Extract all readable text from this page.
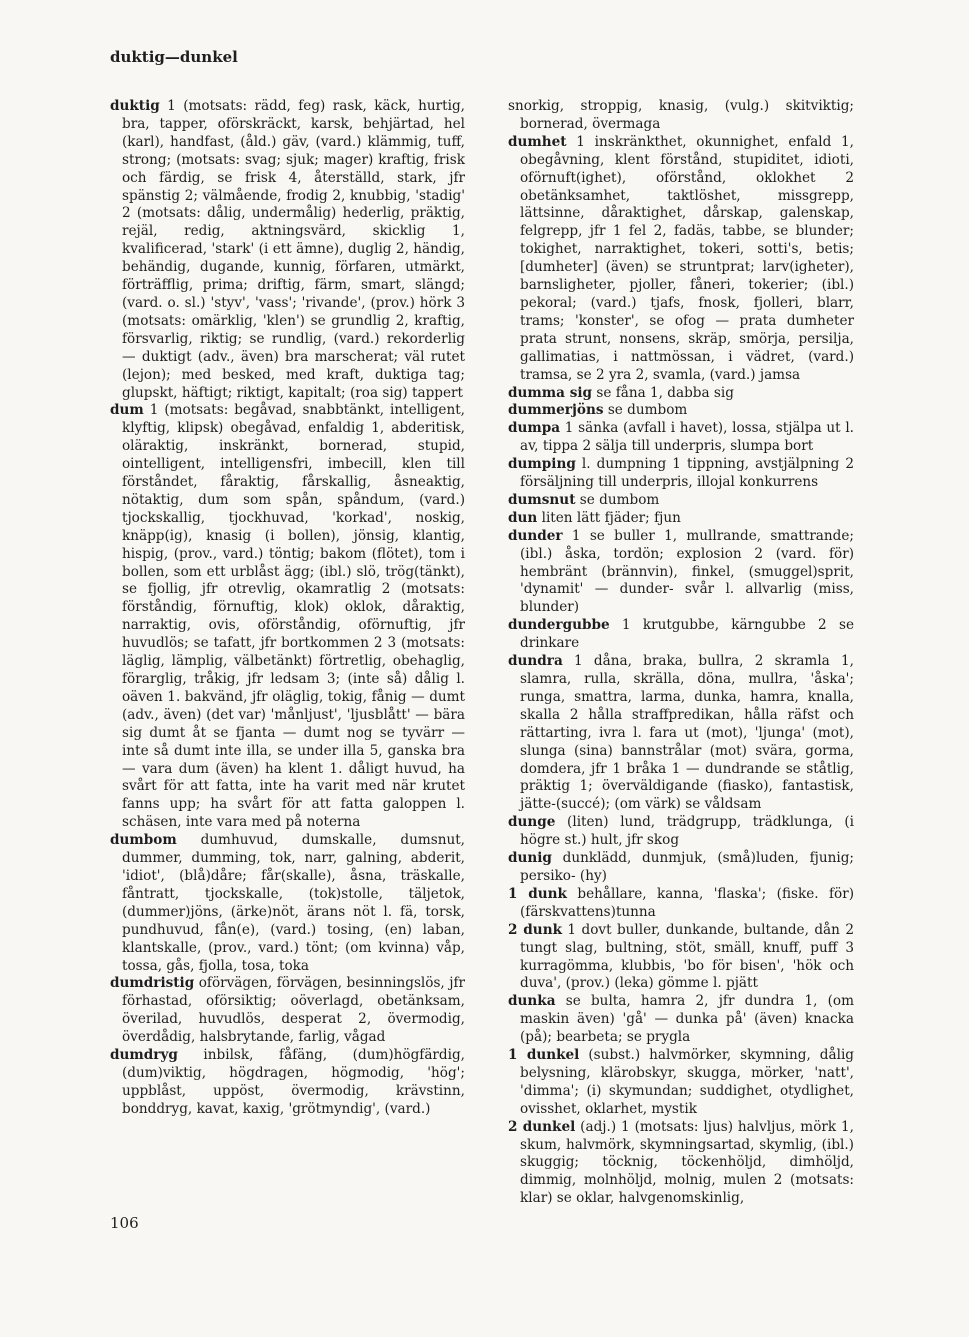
duktig—dunkel

duktig 1 (motsats: rädd, feg) rask, käck, hurtig, bra, tapper, oförskräckt, karsk, behjärtad, hel (karl), handfast, (åld.) gäv, (vard.) klämmig, tuff, strong; (motsats: svag; sjuk; mager) kraftig, frisk och färdig, se frisk 4, återställd, stark, jfr spänstig 2; välmående, frodig 2, knubbig, 'stadig' 2 (motsats: dålig, undermålig) hederlig, präktig, rejäl, redig, aktningsvärd, skicklig 1, kvalificerad, 'stark' (i ett ämne), duglig 2, händig, behändig, dugande, kunnig, förfaren, utmärkt, förträfflig, prima; driftig, färm, smart, slängd; (vard. o. sl.) 'styv', 'vass'; 'rivande', (prov.) hörk 3 (motsats: omärklig, 'klen') se grundlig 2, kraftig, försvarlig, riktig; se rundlig, (vard.) rekorderlig — duktigt (adv., även) bra marscherat; väl rutet (lejon); med besked, med kraft, duktiga tag; glupskt, häftigt; riktigt, kapitalt; (roa sig) tappert

dum 1 (motsats: begåvad, snabbtänkt, intelligent, klyftig, klipsk) obegåvad, enfaldig 1, abderitisk, oläraktig, inskränkt, bornerad, stupid, ointelligent, intelligensfri, imbecill, klen till förståndet, fåraktig, fårskallig, åsneaktig, nötaktig, dum som spån, spåndum, (vard.) tjockskallig, tjockhuvad, 'korkad', noskig, knäpp(ig), knasig (i bollen), jönsig, klantig, hispig, (prov., vard.) töntig; bakom (flötet), tom i bollen, som ett urblåst ägg; (ibl.) slö, trög(tänkt), se fjollig, jfr otrevlig, okamratlig 2 (motsats: förståndig, förnuftig, klok) oklok, dåraktig, narraktig, ovis, oförståndig, oförnuftig, jfr huvudlös; se tafatt, jfr bortkommen 2 3 (motsats: läglig, lämplig, välbetänkt) förtretlig, obehaglig, förarglig, tråkig, jfr ledsam 3; (inte så) dålig l. oäven 1. bakvänd, jfr oläglig, tokig, fånig — dumt (adv., även) (det var) 'månljust', 'ljusblått' — bära sig dumt åt se fjanta — dumt nog se tyvärr — inte så dumt inte illa, se under illa 5, ganska bra — vara dum (även) ha klent 1. dåligt huvud, ha svårt för att fatta, inte ha varit med när krutet fanns upp; ha svårt för att fatta galoppen l. schäsen, inte vara med på noterna

dumbom dumhuvud, dumskalle, dumsnut, dummer, dumming, tok, narr, galning, abderit, 'idiot', (blå)dåre; får(skalle), åsna, träskalle, fåntratt, tjockskalle, (tok)stolle, täljetok, (dummer)jöns, (ärke)nöt, ärans nöt l. fä, torsk, pundhuvud, fån(e), (vard.) tosing, (en) laban, klantskalle, (prov., vard.) tönt; (om kvinna) våp, tossa, gås, fjolla, tosa, toka

dumdristig oförvägen, förvägen, besinningslös, jfr förhastad, oförsiktig; oöverlagd, obetänksam, överilad, huvudlös, desperat 2, övermodig, överdådig, halsbrytande, farlig, vågad

dumdryg inbilsk, fåfäng, (dum)högfärdig, (dum)viktig, högdragen, högmodig, 'hög'; uppblåst, uppöst, övermodig, krävstinn, bonddryg, kavat, kaxig, 'grötmyndig', (vard.)

snorkig, stroppig, knasig, (vulg.) skitviktig; bornerad, övermaga

dumhet 1 inskränkthet, okunnighet, enfald 1, obegåvning, klent förstånd, stupiditet, idioti, oförnuft(ighet), oförstånd, oklokhet 2 obetänksamhet, taktlöshet, missgrepp, lättsinne, dåraktighet, dårskap, galenskap, felgrepp, jfr 1 fel 2, fadäs, tabbe, se blunder; tokighet, narraktighet, tokeri, sotti's, betis; [dumheter] (även) se struntprat; larv(igheter), barnsligheter, pjoller, fåneri, tokerier; (ibl.) pekoral; (vard.) tjafs, fnosk, fjolleri, blarr, trams; 'konster', se ofog — prata dumheter prata strunt, nonsens, skräp, smörja, persilja, gallimatias, i nattmössan, i vädret, (vard.) tramsa, se 2 yra 2, svamla, (vard.) jamsa

dumma sig se fåna 1, dabba sig

dummerjöns se dumbom

dumpa 1 sänka (avfall i havet), lossa, stjälpa ut l. av, tippa 2 sälja till underpris, slumpa bort

dumping l. dumpning 1 tippning, avstjälpning 2 försäljning till underpris, illojal konkurrens

dumsnut se dumbom

dun liten lätt fjäder; fjun

dunder 1 se buller 1, mullrande, smattrande; (ibl.) åska, tordön; explosion 2 (vard. för) hembränt (brännvin), finkel, (smuggel)sprit, 'dynamit' — dunder- svår l. allvarlig (miss, blunder)

dundergubbe 1 krutgubbe, kärngubbe 2 se drinkare

dundra 1 dåna, braka, bullra, 2 skramla 1, slamra, rulla, skrälla, döna, mullra, 'åska'; runga, smattra, larma, dunka, hamra, knalla, skalla 2 hålla straffpredikan, hålla räfst och rättarting, ivra l. fara ut (mot), 'ljunga' (mot), slunga (sina) bannstrålar (mot) svära, gorma, domdera, jfr 1 bråka 1 — dundrande se ståtlig, präktig 1; överväldigande (fiasko), fantastisk, jätte-(succé); (om värk) se våldsam

dunge (liten) lund, trädgrupp, trädklunga, (i högre st.) hult, jfr skog

dunig dunklädd, dunmjuk, (små)luden, fjunig; persiko- (hy)

1 dunk behållare, kanna, 'flaska'; (fiske. för) (färskvattens)tunna

2 dunk 1 dovt buller, dunkande, bultande, dån 2 tungt slag, bultning, stöt, smäll, knuff, puff 3 kurragömma, klubbis, 'bo för bisen', 'hök och duva', (prov.) (leka) gömme l. pjätt

dunka se bulta, hamra 2, jfr dundra 1, (om maskin även) 'gå' — dunka på' (även) knacka (på); bearbeta; se prygla

1 dunkel (subst.) halvmörker, skymning, dålig belysning, klärobskyr, skugga, mörker, 'natt', 'dimma'; (i) skymundan; suddighet, otydlighet, ovisshet, oklarhet, mystik

2 dunkel (adj.) 1 (motsats: ljus) halvljus, mörk 1, skum, halvmörk, skymningsartad, skymlig, (ibl.) skuggig; töcknig, töckenhöljd, dimhöljd, dimmig, molnhöljd, molnig, mulen 2 (motsats: klar) se oklar, halvgenomskinlig,

106
